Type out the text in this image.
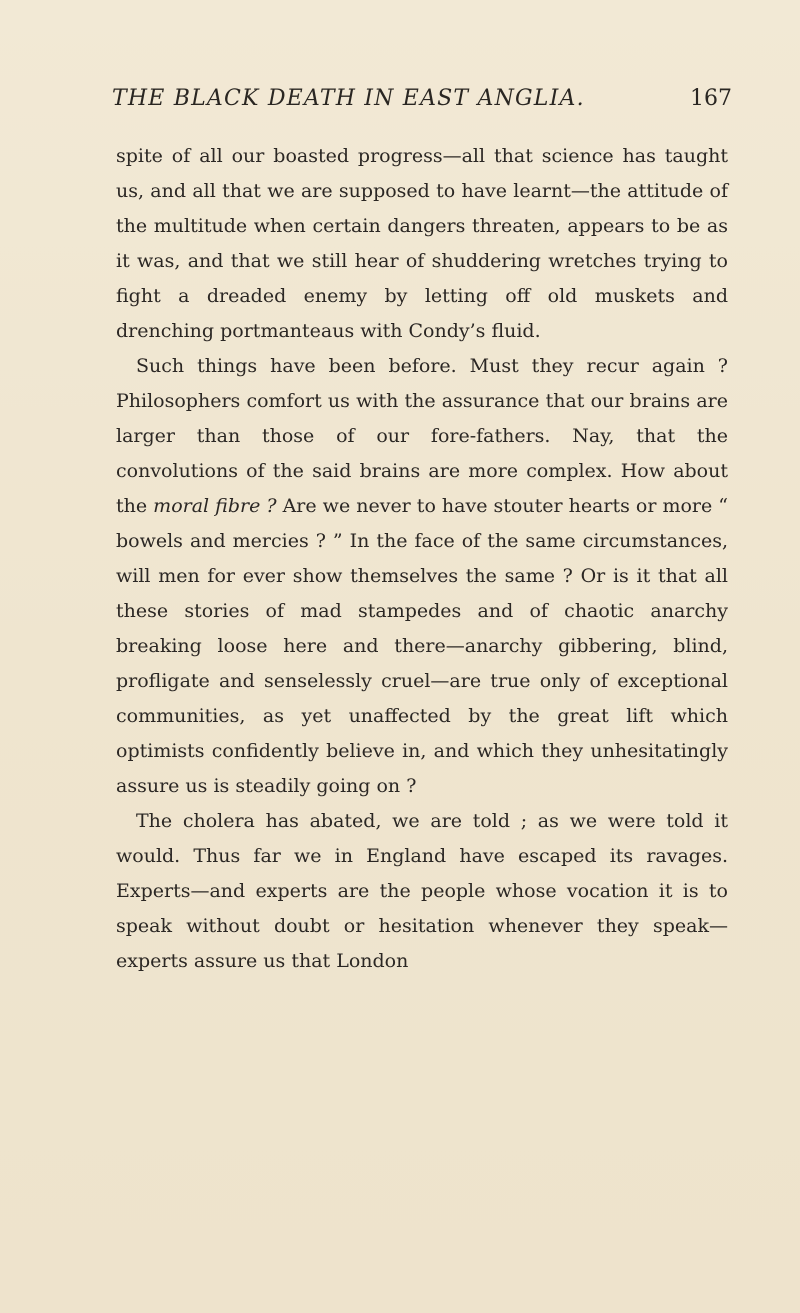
THE BLACK DEATH IN EAST ANGLIA.	167

spite of all our boasted progress—all that science has taught us, and all that we are supposed to have learnt—the attitude of the multitude when certain dangers threaten, appears to be as it was, and that we still hear of shuddering wretches trying to fight a dreaded enemy by letting off old muskets and drenching portmanteaus with Condy’s fluid.

Such things have been before. Must they recur again ? Philosophers comfort us with the assurance that our brains are larger than those of our fore-fathers. Nay, that the convolutions of the said brains are more complex. How about the moral fibre ? Are we never to have stouter hearts or more “ bowels and mercies ? ” In the face of the same circumstances, will men for ever show themselves the same ? Or is it that all these stories of mad stampedes and of chaotic anarchy breaking loose here and there—anarchy gibbering, blind, profligate and senselessly cruel—are true only of exceptional communities, as yet unaffected by the great lift which optimists confidently believe in, and which they unhesitatingly assure us is steadily going on ?

The cholera has abated, we are told ; as we were told it would. Thus far we in England have escaped its ravages. Experts—and experts are the people whose vocation it is to speak without doubt or hesitation whenever they speak—experts assure us that London
